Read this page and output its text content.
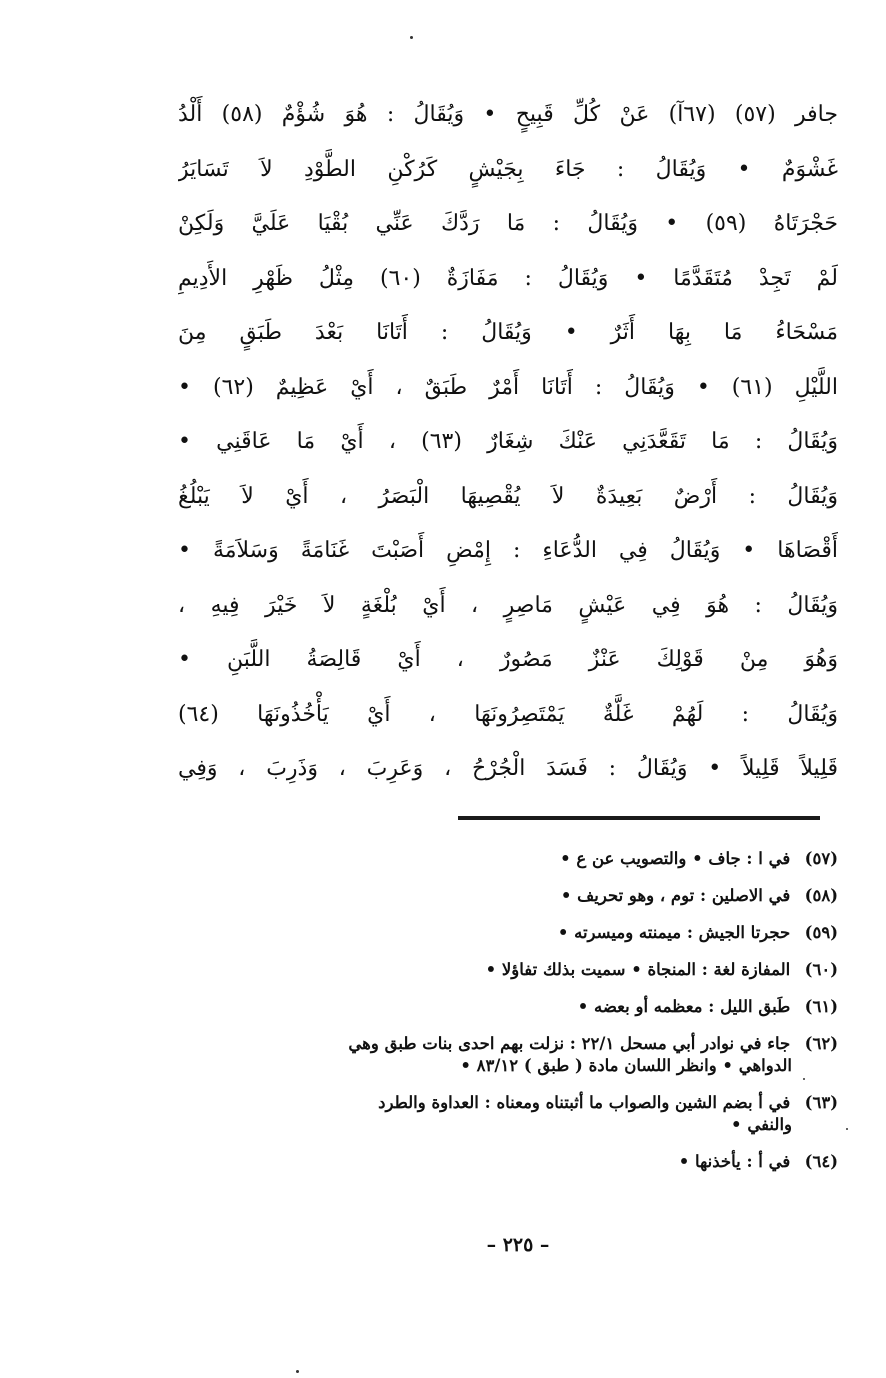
جافر (٥٧) (٦٧آ) عَنْ كُلِّ قَبِيحٍ • وَيُقَالُ : هُوَ شُؤْمٌ (٥٨) أَلْدُ
غَشْوَمٌ • وَيُقَالُ : جَاءَ بِجَيْشٍ كَرُكْنِ الطَّوْدِ لاَ تَسَايَرُ
حَجْرَتَاهُ (٥٩) • وَيُقَالُ : مَا رَدَّكَ عَنِّي بُقْيَا عَلَيَّ وَلَكِنْ
لَمْ تَجِدْ مُتَقَدَّمًا • وَيُقَالُ : مَفَازَةٌ (٦٠) مِثْلُ ظَهْرِ الأَدِيمِ
مَسْحَاءُ مَا بِهَا أَثَرٌ • وَيُقَالُ : أَتَانَا بَعْدَ طَبَقٍ مِنَ
اللَّيْلِ (٦١) • وَيُقَالُ : أَتَانَا أَمْرٌ طَبَقٌ ، أَيْ عَظِيمٌ (٦٢) •
وَيُقَالُ : مَا تَقَعَّدَنِي عَنْكَ شِغَارٌ (٦٣) ، أَيْ مَا عَاقَنِي •
وَيُقَالُ : أَرْضٌ بَعِيدَةٌ لاَ يُقْصِيهَا الْبَصَرُ ، أَيْ لاَ يَبْلُغُ
أَقْصَاهَا • وَيُقَالُ فِي الدُّعَاءِ : إِمْضِ أَصَبْتَ غَنَامَةً وَسَلاَمَةً •
وَيُقَالُ : هُوَ فِي عَيْشٍ مَاصِرٍ ، أَيْ بُلْغَةٍ لاَ خَيْرَ فِيهِ ،
وَهُوَ مِنْ قَوْلِكَ عَنْزٌ مَصُورٌ ، أَيْ قَالِصَةُ اللَّبَنِ •
وَيُقَالُ : لَهُمْ غَلَّةٌ يَمْتَصِرُونَهَا ، أَيْ يَأْخُذُونَهَا (٦٤)
قَلِيلاً قَلِيلاً • وَيُقَالُ : فَسَدَ الْجُرْحُ ، وَعَرِبَ ، وَذَرِبَ ، وَفِي
(٥٧) في ا : جاف • والتصويب عن ع •
(٥٨) في الاصلين : توم ، وهو تحريف •
(٥٩) حجرتا الجيش : ميمنته وميسرته •
(٦٠) المفازة لغة : المنجاة • سميت بذلك تفاؤلا •
(٦١) طَبق الليل : معظمه أو بعضه •
(٦٢) جاء في نوادر أبي مسحل ٢٢/١ : نزلت بهم احدى بنات طبق وهي
الدواهي • وانظر اللسان مادة ( طبق ) ٨٣/١٢ •
(٦٣) في أ بضم الشين والصواب ما أثبتناه ومعناه : العداوة والطرد
والنفي •
(٦٤) في أ : يأخذنها •
– ٢٢٥ –
